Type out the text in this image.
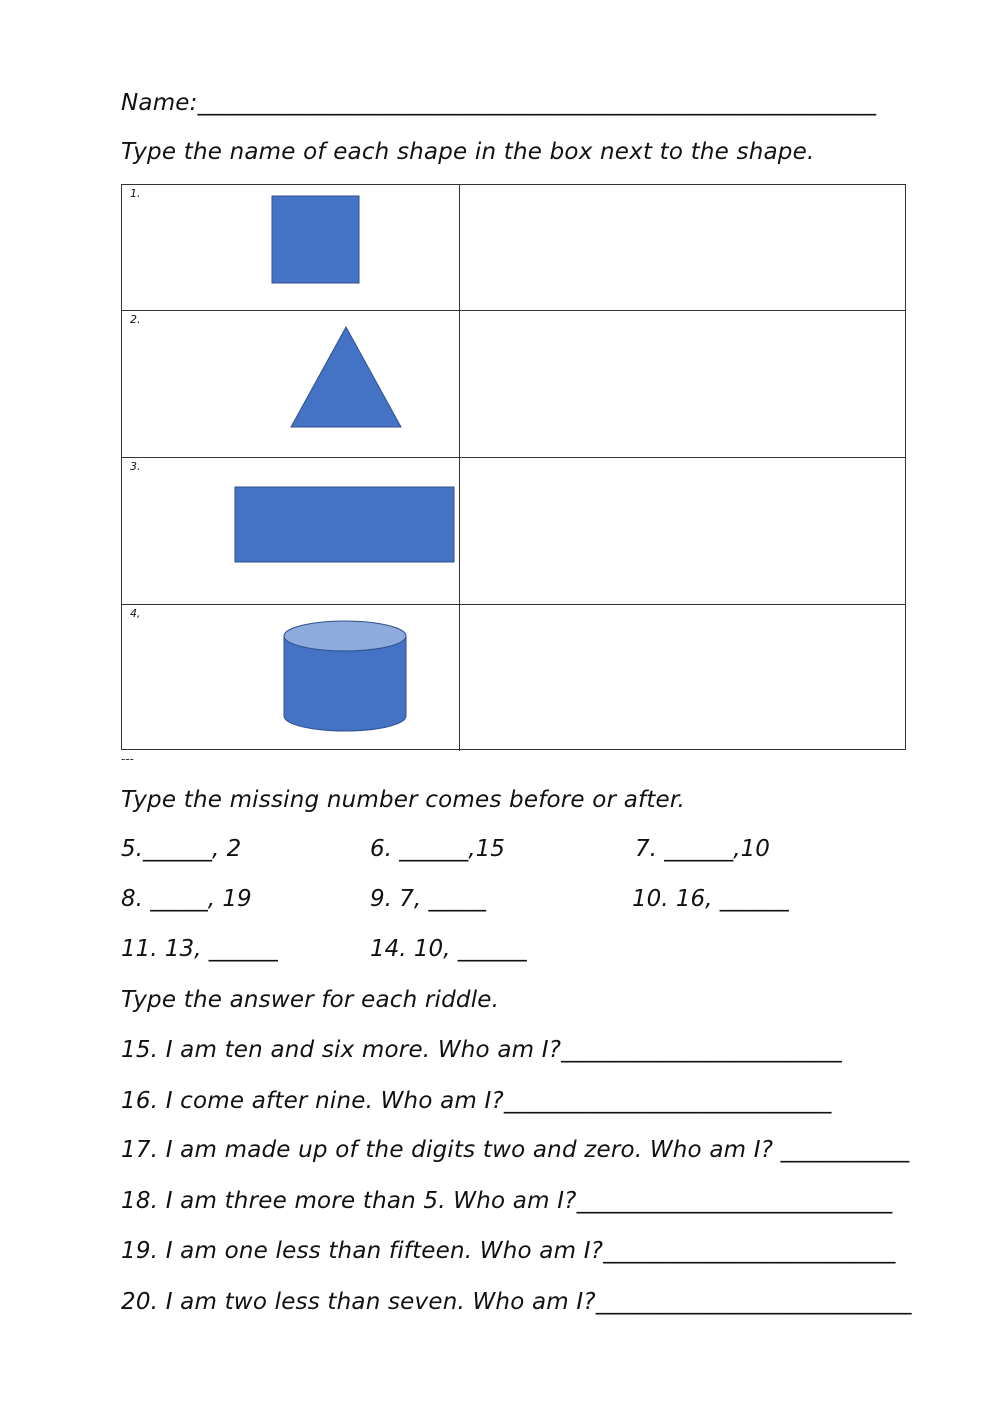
Name:__________________________________________________________
Type the name of each shape in the box next to the shape.
1.
2.
3.
4,
---
Type the missing number comes before or after.
5.______, 2	6. ______,15	7. ______,10
8. _____, 19	9. 7, _____	10. 16, ______
11. 13, ______	14. 10, ______
Type the answer for each riddle.
15. I am ten and six more. Who am I?________________________
16. I come after nine. Who am I?____________________________
17. I am made up of the digits two and zero. Who am I? ___________
18. I am three more than 5. Who am I?___________________________
19. I am one less than fifteen. Who am I?_________________________
20. I am two less than seven. Who am I?___________________________
